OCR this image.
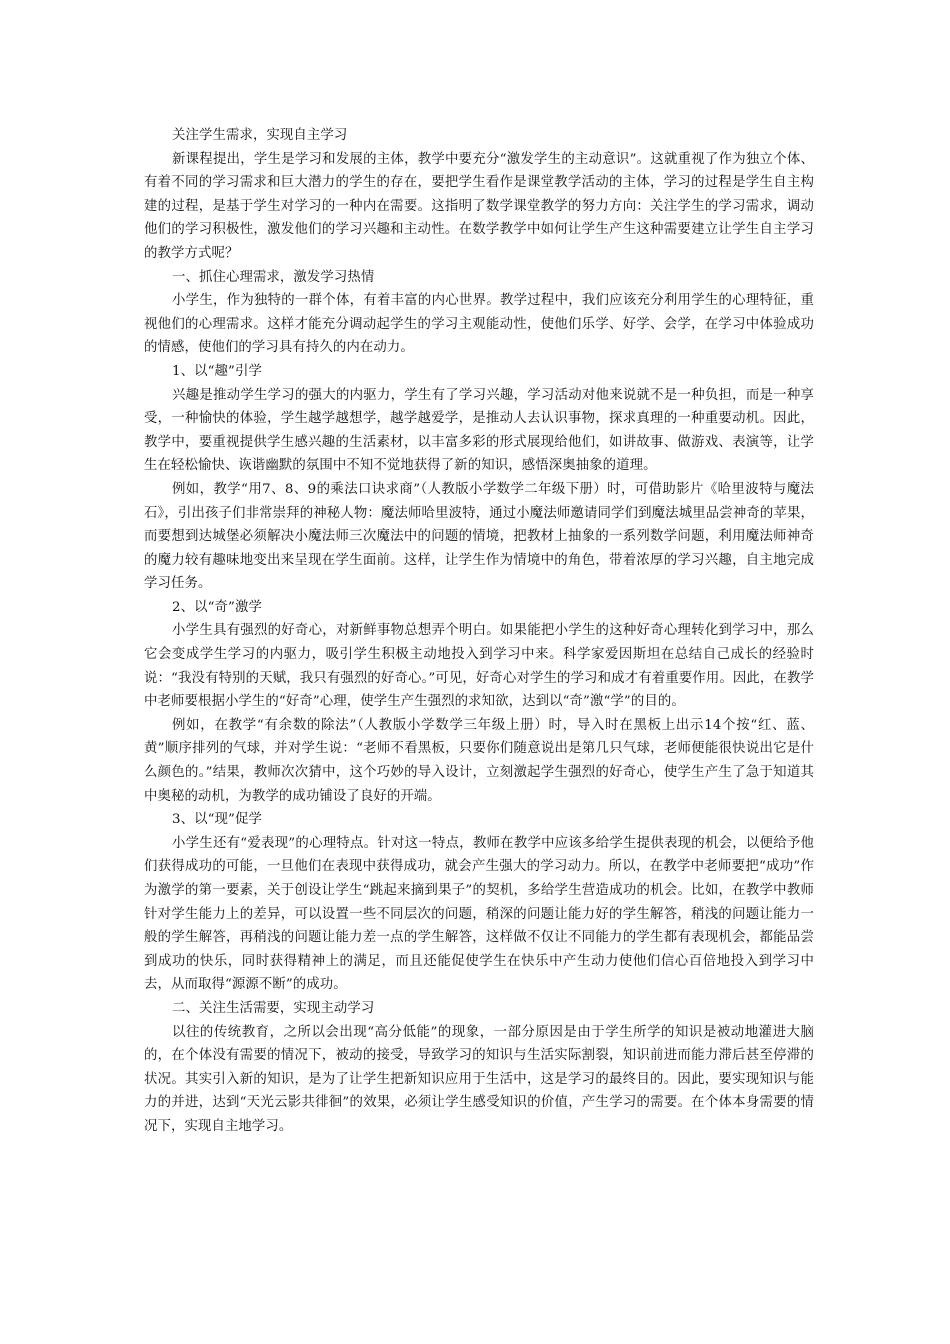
关注学生需求，实现自主学习

新课程提出，学生是学习和发展的主体，教学中要充分“激发学生的主动意识”。这就重视了作为独立个体、有着不同的学习需求和巨大潜力的学生的存在，要把学生看作是课堂教学活动的主体，学习的过程是学生自主构建的过程，是基于学生对学习的一种内在需要。这指明了数学课堂教学的努力方向：关注学生的学习需求，调动他们的学习积极性，激发他们的学习兴趣和主动性。在数学教学中如何让学生产生这种需要建立让学生自主学习的教学方式呢？

一、抓住心理需求，激发学习热情

小学生，作为独特的一群个体，有着丰富的内心世界。教学过程中，我们应该充分利用学生的心理特征，重视他们的心理需求。这样才能充分调动起学生的学习主观能动性，使他们乐学、好学、会学，在学习中体验成功的情感，使他们的学习具有持久的内在动力。

1、以“趣”引学

兴趣是推动学生学习的强大的内驱力，学生有了学习兴趣，学习活动对他来说就不是一种负担，而是一种享受，一种愉快的体验，学生越学越想学，越学越爱学，是推动人去认识事物，探求真理的一种重要动机。因此，教学中，要重视提供学生感兴趣的生活素材，以丰富多彩的形式展现给他们，如讲故事、做游戏、表演等，让学生在轻松愉快、诙谐幽默的氛围中不知不觉地获得了新的知识，感悟深奥抽象的道理。

例如，教学“用7、8、9的乘法口诀求商”（人教版小学数学二年级下册）时，可借助影片《哈里波特与魔法石》，引出孩子们非常崇拜的神秘人物：魔法师哈里波特，通过小魔法师邀请同学们到魔法城里品尝神奇的苹果，而要想到达城堡必须解决小魔法师三次魔法中的问题的情境，把教材上抽象的一系列数学问题，利用魔法师神奇的魔力较有趣味地变出来呈现在学生面前。这样，让学生作为情境中的角色，带着浓厚的学习兴趣，自主地完成学习任务。

2、以“奇”激学

小学生具有强烈的好奇心，对新鲜事物总想弄个明白。如果能把小学生的这种好奇心理转化到学习中，那么它会变成学生学习的内驱力，吸引学生积极主动地投入到学习中来。科学家爱因斯坦在总结自己成长的经验时说：“我没有特别的天赋，我只有强烈的好奇心。”可见，好奇心对学生的学习和成才有着重要作用。因此，在教学中老师要根据小学生的“好奇”心理，使学生产生强烈的求知欲，达到以“奇”激“学”的目的。

例如，在教学“有余数的除法”（人教版小学数学三年级上册）时，导入时在黑板上出示14个按“红、蓝、黄”顺序排列的气球，并对学生说：“老师不看黑板，只要你们随意说出是第几只气球，老师便能很快说出它是什么颜色的。”结果，教师次次猜中，这个巧妙的导入设计，立刻激起学生强烈的好奇心，使学生产生了急于知道其中奥秘的动机，为教学的成功铺设了良好的开端。

3、以“现”促学

小学生还有“爱表现”的心理特点。针对这一特点，教师在教学中应该多给学生提供表现的机会，以便给予他们获得成功的可能，一旦他们在表现中获得成功，就会产生强大的学习动力。所以，在教学中老师要把“成功”作为激学的第一要素，关于创设让学生“跳起来摘到果子”的契机，多给学生营造成功的机会。比如，在教学中教师针对学生能力上的差异，可以设置一些不同层次的问题，稍深的问题让能力好的学生解答，稍浅的问题让能力一般的学生解答，再稍浅的问题让能力差一点的学生解答，这样做不仅让不同能力的学生都有表现机会，都能品尝到成功的快乐，同时获得精神上的满足，而且还能促使学生在快乐中产生动力使他们信心百倍地投入到学习中去，从而取得“源源不断”的成功。

二、关注生活需要，实现主动学习

以往的传统教育，之所以会出现“高分低能”的现象，一部分原因是由于学生所学的知识是被动地灌进大脑的，在个体没有需要的情况下，被动的接受，导致学习的知识与生活实际割裂，知识前进而能力滞后甚至停滞的状况。其实引入新的知识，是为了让学生把新知识应用于生活中，这是学习的最终目的。因此，要实现知识与能力的并进，达到“天光云影共徘徊”的效果，必须让学生感受知识的价值，产生学习的需要。在个体本身需要的情况下，实现自主地学习。
